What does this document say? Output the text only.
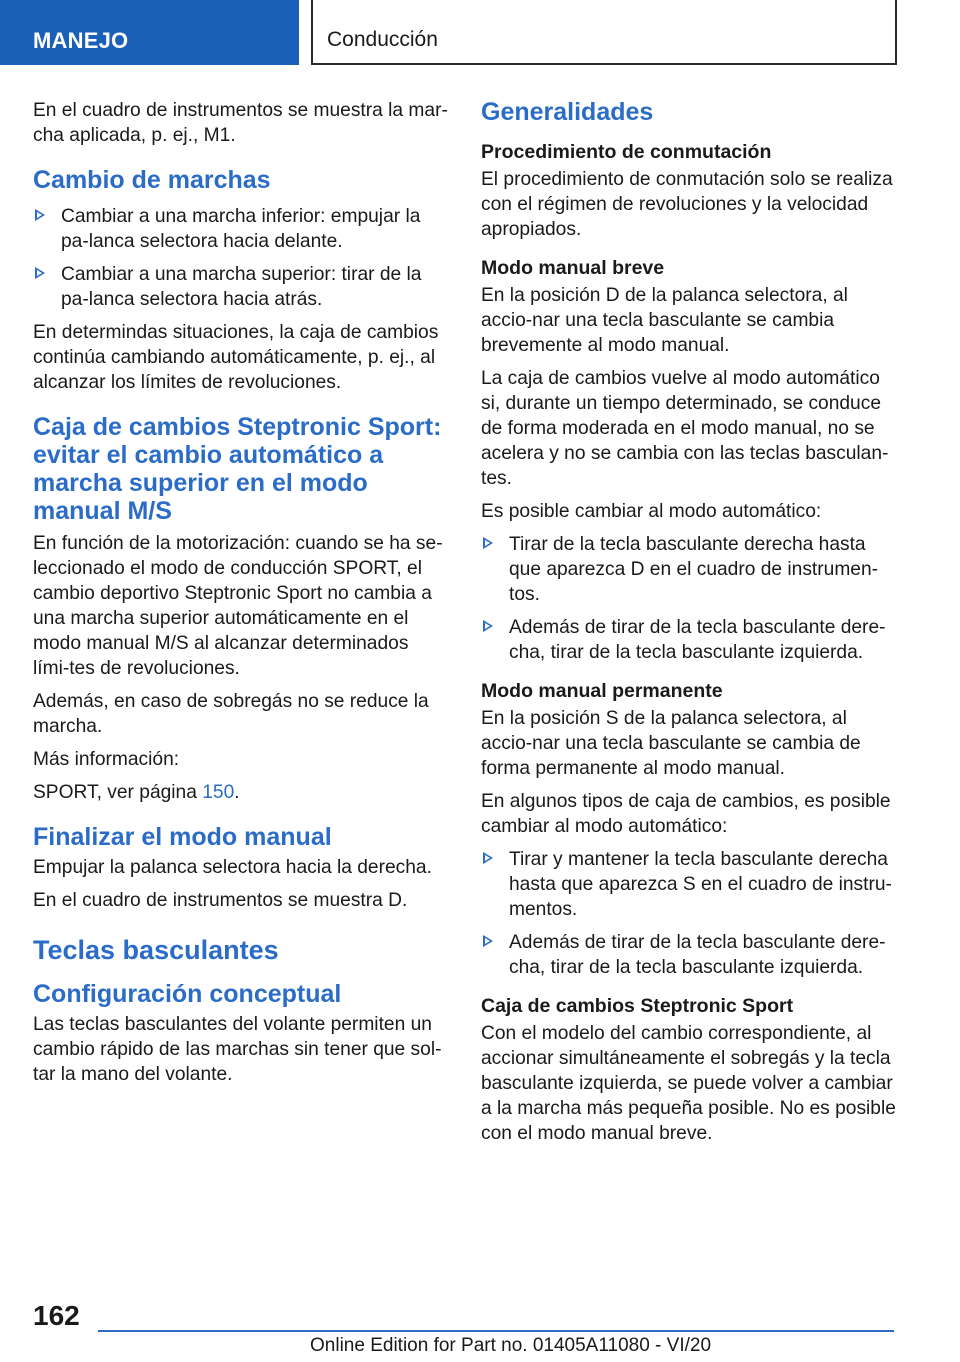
MANEJO	Conducción

En el cuadro de instrumentos se muestra la mar-cha aplicada, p. ej., M1.

Cambio de marchas
Cambiar a una marcha inferior: empujar la pa-lanca selectora hacia delante.
Cambiar a una marcha superior: tirar de la pa-lanca selectora hacia atrás.

En determindas situaciones, la caja de cambios continúa cambiando automáticamente, p. ej., al alcanzar los límites de revoluciones.

Caja de cambios Steptronic Sport: evitar el cambio automático a marcha superior en el modo manual M/S

En función de la motorización: cuando se ha se-leccionado el modo de conducción SPORT, el cambio deportivo Steptronic Sport no cambia a una marcha superior automáticamente en el modo manual M/S al alcanzar determinados lími-tes de revoluciones.

Además, en caso de sobregás no se reduce la marcha.

Más información:

SPORT, ver página 150.

Finalizar el modo manual

Empujar la palanca selectora hacia la derecha.

En el cuadro de instrumentos se muestra D.

Teclas basculantes
Configuración conceptual

Las teclas basculantes del volante permiten un cambio rápido de las marchas sin tener que sol-tar la mano del volante.

Generalidades
Procedimiento de conmutación

El procedimiento de conmutación solo se realiza con el régimen de revoluciones y la velocidad apropiados.

Modo manual breve

En la posición D de la palanca selectora, al accio-nar una tecla basculante se cambia brevemente al modo manual.

La caja de cambios vuelve al modo automático si, durante un tiempo determinado, se conduce de forma moderada en el modo manual, no se acelera y no se cambia con las teclas basculan-tes.

Es posible cambiar al modo automático:

Tirar de la tecla basculante derecha hasta que aparezca D en el cuadro de instrumen-tos.
Además de tirar de la tecla basculante dere-cha, tirar de la tecla basculante izquierda.
Modo manual permanente

En la posición S de la palanca selectora, al accio-nar una tecla basculante se cambia de forma permanente al modo manual.

En algunos tipos de caja de cambios, es posible cambiar al modo automático:

Tirar y mantener la tecla basculante derecha hasta que aparezca S en el cuadro de instru-mentos.
Además de tirar de la tecla basculante dere-cha, tirar de la tecla basculante izquierda.
Caja de cambios Steptronic Sport

Con el modelo del cambio correspondiente, al accionar simultáneamente el sobregás y la tecla basculante izquierda, se puede volver a cambiar a la marcha más pequeña posible. No es posible con el modo manual breve.

162
Online Edition for Part no. 01405A11080 - VI/20
